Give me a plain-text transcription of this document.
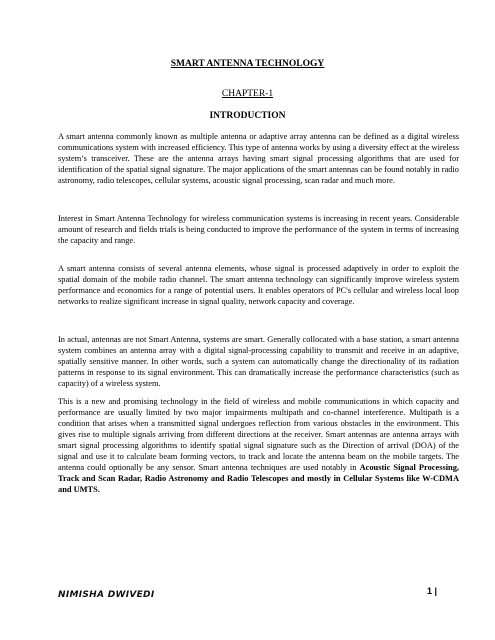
SMART ANTENNA TECHNOLOGY
CHAPTER-1
INTRODUCTION

A smart antenna commonly known as multiple antenna or adaptive array antenna can be defined as a digital wireless communications system with increased efficiency. This type of antenna works by using a diversity effect at the wireless system’s transceiver. These are the antenna arrays having smart signal processing algorithms that are used for identification of the spatial signal signature. The major applications of the smart antennas can be found notably in radio astronomy, radio telescopes, cellular systems, acoustic signal processing, scan radar and much more.

Interest in Smart Antenna Technology for wireless communication systems is increasing in recent years. Considerable amount of research and fields trials is being conducted to improve the performance of the system in terms of increasing the capacity and range.

A smart antenna consists of several antenna elements, whose signal is processed adaptively in order to exploit the spatial domain of the mobile radio channel. The smart antenna technology can significantly improve wireless system performance and economics for a range of potential users. It enables operators of PC's cellular and wireless local loop networks to realize significant increase in signal quality, network capacity and coverage.

In actual, antennas are not Smart Antenna, systems are smart. Generally collocated with a base station, a smart antenna system combines an antenna array with a digital signal-processing capability to transmit and receive in an adaptive, spatially sensitive manner. In other words, such a system can automatically change the directionality of its radiation patterns in response to its signal environment. This can dramatically increase the performance characteristics (such as capacity) of a wireless system.

This is a new and promising technology in the field of wireless and mobile communications in which capacity and performance are usually limited by two major impairments multipath and co-channel interference. Multipath is a condition that arises when a transmitted signal undergoes reflection from various obstacles in the environment. This gives rise to multiple signals arriving from different directions at the receiver. Smart antennas are antenna arrays with smart signal processing algorithms to identify spatial signal signature such as the Direction of arrival (DOA) of the signal and use it to calculate beam forming vectors, to track and locate the antenna beam on the mobile targets. The antenna could optionally be any sensor. Smart antenna techniques are used notably in Acoustic Signal Processing, Track and Scan Radar, Radio Astronomy and Radio Telescopes and mostly in Cellular Systems like W-CDMA and UMTS.

NIMISHA DWIVEDI	1 |
